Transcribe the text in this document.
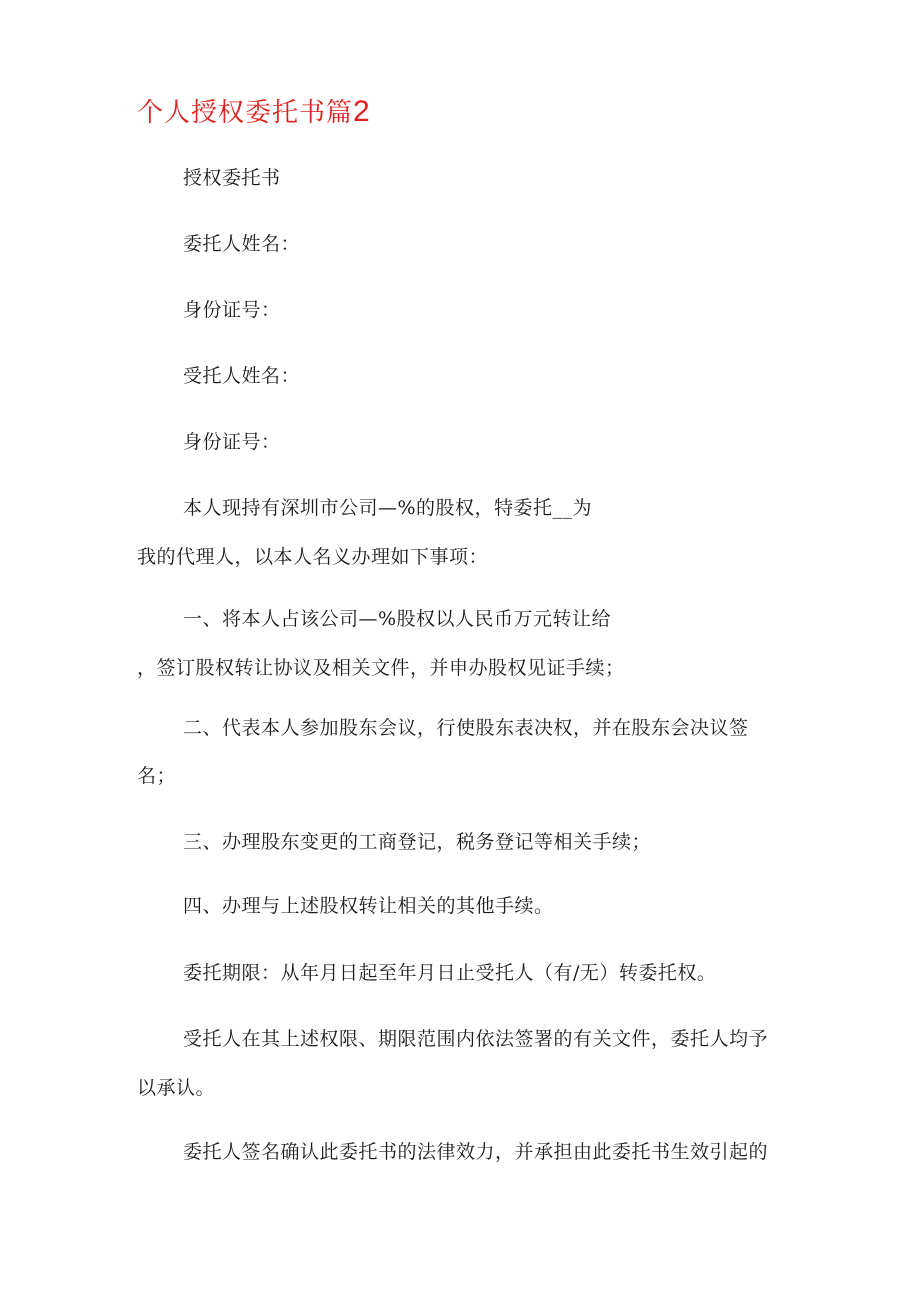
个人授权委托书篇2
授权委托书
委托人姓名：
身份证号：
受托人姓名：
身份证号：
本人现持有深圳市公司—%的股权，特委托__为
我的代理人，以本人名义办理如下事项：
一、将本人占该公司—%股权以人民币万元转让给
，签订股权转让协议及相关文件，并申办股权见证手续；
二、代表本人参加股东会议，行使股东表决权，并在股东会决议签
名；
三、办理股东变更的工商登记，税务登记等相关手续；
四、办理与上述股权转让相关的其他手续。
委托期限：从年月日起至年月日止受托人（有/无）转委托权。
受托人在其上述权限、期限范围内依法签署的有关文件，委托人均予
以承认。
委托人签名确认此委托书的法律效力，并承担由此委托书生效引起的
